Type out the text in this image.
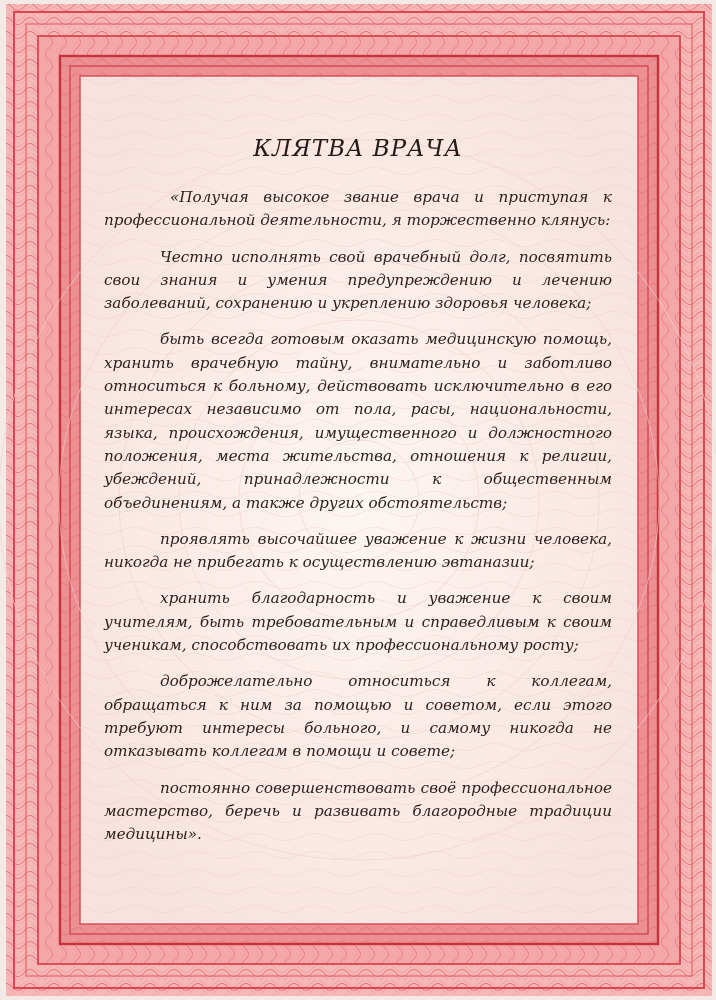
КЛЯТВА ВРАЧА

«Получая высокое звание врача и приступая к профессиональной деятельности, я торжественно клянусь:

Честно исполнять свой врачебный долг, посвятить свои знания и умения предупреждению и лечению заболеваний, сохранению и укреплению здоровья человека;

быть всегда готовым оказать медицинскую помощь, хранить врачебную тайну, внимательно и заботливо относиться к больному, действовать исключительно в его интересах независимо от пола, расы, национальности, языка, происхождения, имущественного и должностного положения, места жительства, отношения к религии, убеждений, принадлежности к общественным объединениям, а также других обстоятельств;

проявлять высочайшее уважение к жизни человека, никогда не прибегать к осуществлению эвтаназии;

хранить благодарность и уважение к своим учителям, быть требовательным и справедливым к своим ученикам, способствовать их профессиональному росту;

доброжелательно относиться к коллегам, обращаться к ним за помощью и советом, если этого требуют интересы больного, и самому никогда не отказывать коллегам в помощи и совете;

постоянно совершенствовать своё профессиональное мастерство, беречь и развивать благородные традиции медицины».
